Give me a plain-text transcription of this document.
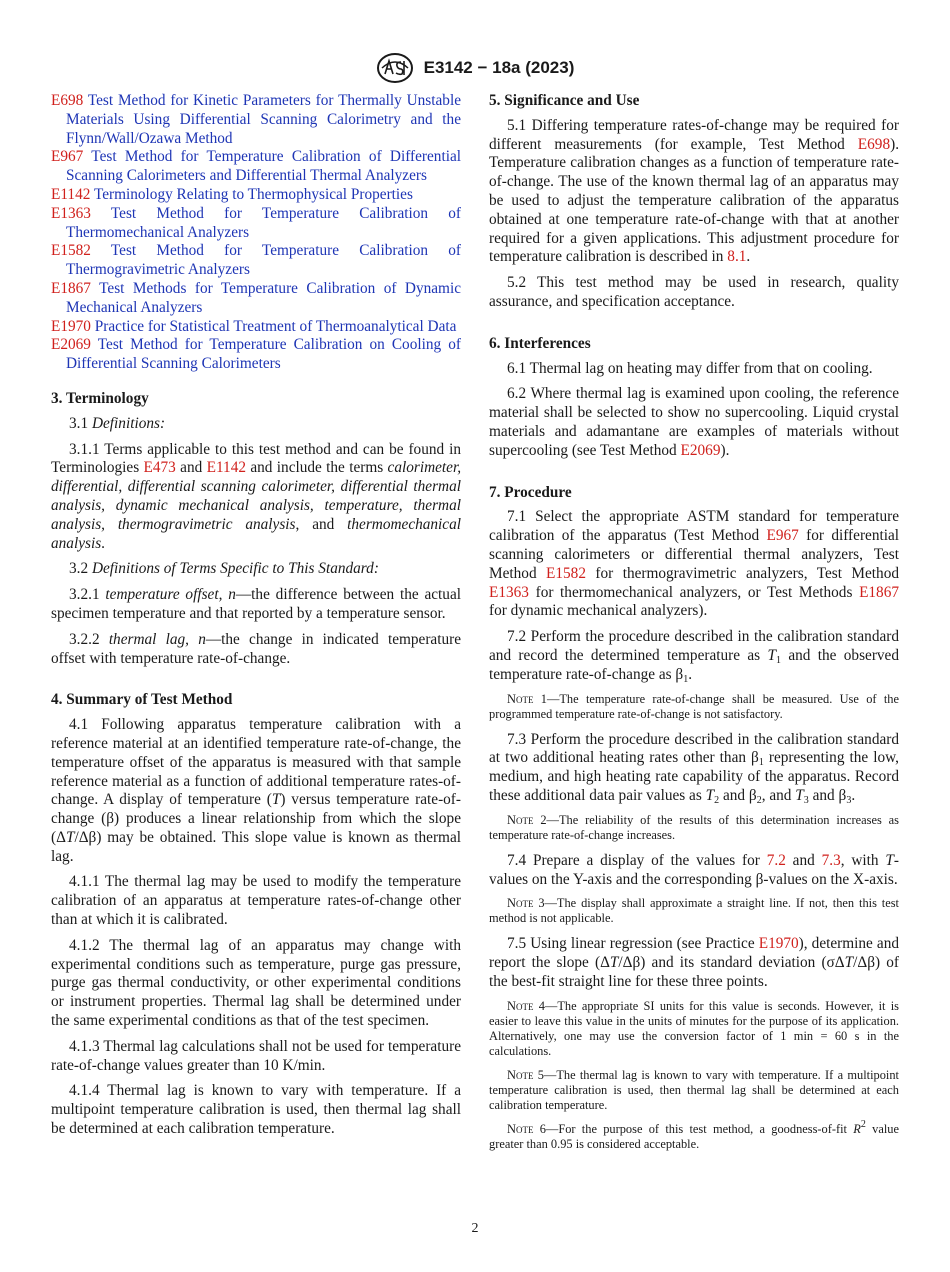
E3142 − 18a (2023)

E698 Test Method for Kinetic Parameters for Thermally Unstable Materials Using Differential Scanning Calorimetry and the Flynn/Wall/Ozawa Method

E967 Test Method for Temperature Calibration of Differential Scanning Calorimeters and Differential Thermal Analyzers

E1142 Terminology Relating to Thermophysical Properties

E1363 Test Method for Temperature Calibration of Thermomechanical Analyzers

E1582 Test Method for Temperature Calibration of Thermogravimetric Analyzers

E1867 Test Methods for Temperature Calibration of Dynamic Mechanical Analyzers

E1970 Practice for Statistical Treatment of Thermoanalytical Data

E2069 Test Method for Temperature Calibration on Cooling of Differential Scanning Calorimeters

3. Terminology

3.1 Definitions:

3.1.1 Terms applicable to this test method and can be found in Terminologies E473 and E1142 and include the terms calorimeter, differential, differential scanning calorimeter, differential thermal analysis, dynamic mechanical analysis, temperature, thermal analysis, thermogravimetric analysis, and thermomechanical analysis.

3.2 Definitions of Terms Specific to This Standard:

3.2.1 temperature offset, n—the difference between the actual specimen temperature and that reported by a temperature sensor.

3.2.2 thermal lag, n—the change in indicated temperature offset with temperature rate-of-change.

4. Summary of Test Method

4.1 Following apparatus temperature calibration with a reference material at an identified temperature rate-of-change, the temperature offset of the apparatus is measured with that sample reference material as a function of additional temperature rates-of-change. A display of temperature (T) versus temperature rate-of-change (β) produces a linear relationship from which the slope (ΔT/Δβ) may be obtained. This slope value is known as thermal lag.

4.1.1 The thermal lag may be used to modify the temperature calibration of an apparatus at temperature rates-of-change other than at which it is calibrated.

4.1.2 The thermal lag of an apparatus may change with experimental conditions such as temperature, purge gas pressure, purge gas thermal conductivity, or other experimental conditions or instrument properties. Thermal lag shall be determined under the same experimental conditions as that of the test specimen.

4.1.3 Thermal lag calculations shall not be used for temperature rate-of-change values greater than 10 K/min.

4.1.4 Thermal lag is known to vary with temperature. If a multipoint temperature calibration is used, then thermal lag shall be determined at each calibration temperature.

5. Significance and Use

5.1 Differing temperature rates-of-change may be required for different measurements (for example, Test Method E698). Temperature calibration changes as a function of temperature rate-of-change. The use of the known thermal lag of an apparatus may be used to adjust the temperature calibration of the apparatus obtained at one temperature rate-of-change with that at another required for a given applications. This adjustment procedure for temperature calibration is described in 8.1.

5.2 This test method may be used in research, quality assurance, and specification acceptance.

6. Interferences

6.1 Thermal lag on heating may differ from that on cooling.

6.2 Where thermal lag is examined upon cooling, the reference material shall be selected to show no supercooling. Liquid crystal materials and adamantane are examples of materials without supercooling (see Test Method E2069).

7. Procedure

7.1 Select the appropriate ASTM standard for temperature calibration of the apparatus (Test Method E967 for differential scanning calorimeters or differential thermal analyzers, Test Method E1582 for thermogravimetric analyzers, Test Method E1363 for thermomechanical analyzers, or Test Methods E1867 for dynamic mechanical analyzers).

7.2 Perform the procedure described in the calibration standard and record the determined temperature as $T_1$ and the observed temperature rate-of-change as $\beta_1$.

Note 1—The temperature rate-of-change shall be measured. Use of the programmed temperature rate-of-change is not satisfactory.

7.3 Perform the procedure described in the calibration standard at two additional heating rates other than $\beta_1$ representing the low, medium, and high heating rate capability of the apparatus. Record these additional data pair values as $T_2$ and $\beta_2$, and $T_3$ and $\beta_3$.

Note 2—The reliability of the results of this determination increases as temperature rate-of-change increases.

7.4 Prepare a display of the values for 7.2 and 7.3, with T-values on the Y-axis and the corresponding β-values on the X-axis.

Note 3—The display shall approximate a straight line. If not, then this test method is not applicable.

7.5 Using linear regression (see Practice E1970), determine and report the slope (ΔT/Δβ) and its standard deviation (σΔT/Δβ) of the best-fit straight line for these three points.

Note 4—The appropriate SI units for this value is seconds. However, it is easier to leave this value in the units of minutes for the purpose of its application. Alternatively, one may use the conversion factor of 1 min = 60 s in the calculations.

Note 5—The thermal lag is known to vary with temperature. If a multipoint temperature calibration is used, then thermal lag shall be determined at each calibration temperature.

Note 6—For the purpose of this test method, a goodness-of-fit $R^2$ value greater than 0.95 is considered acceptable.

2
